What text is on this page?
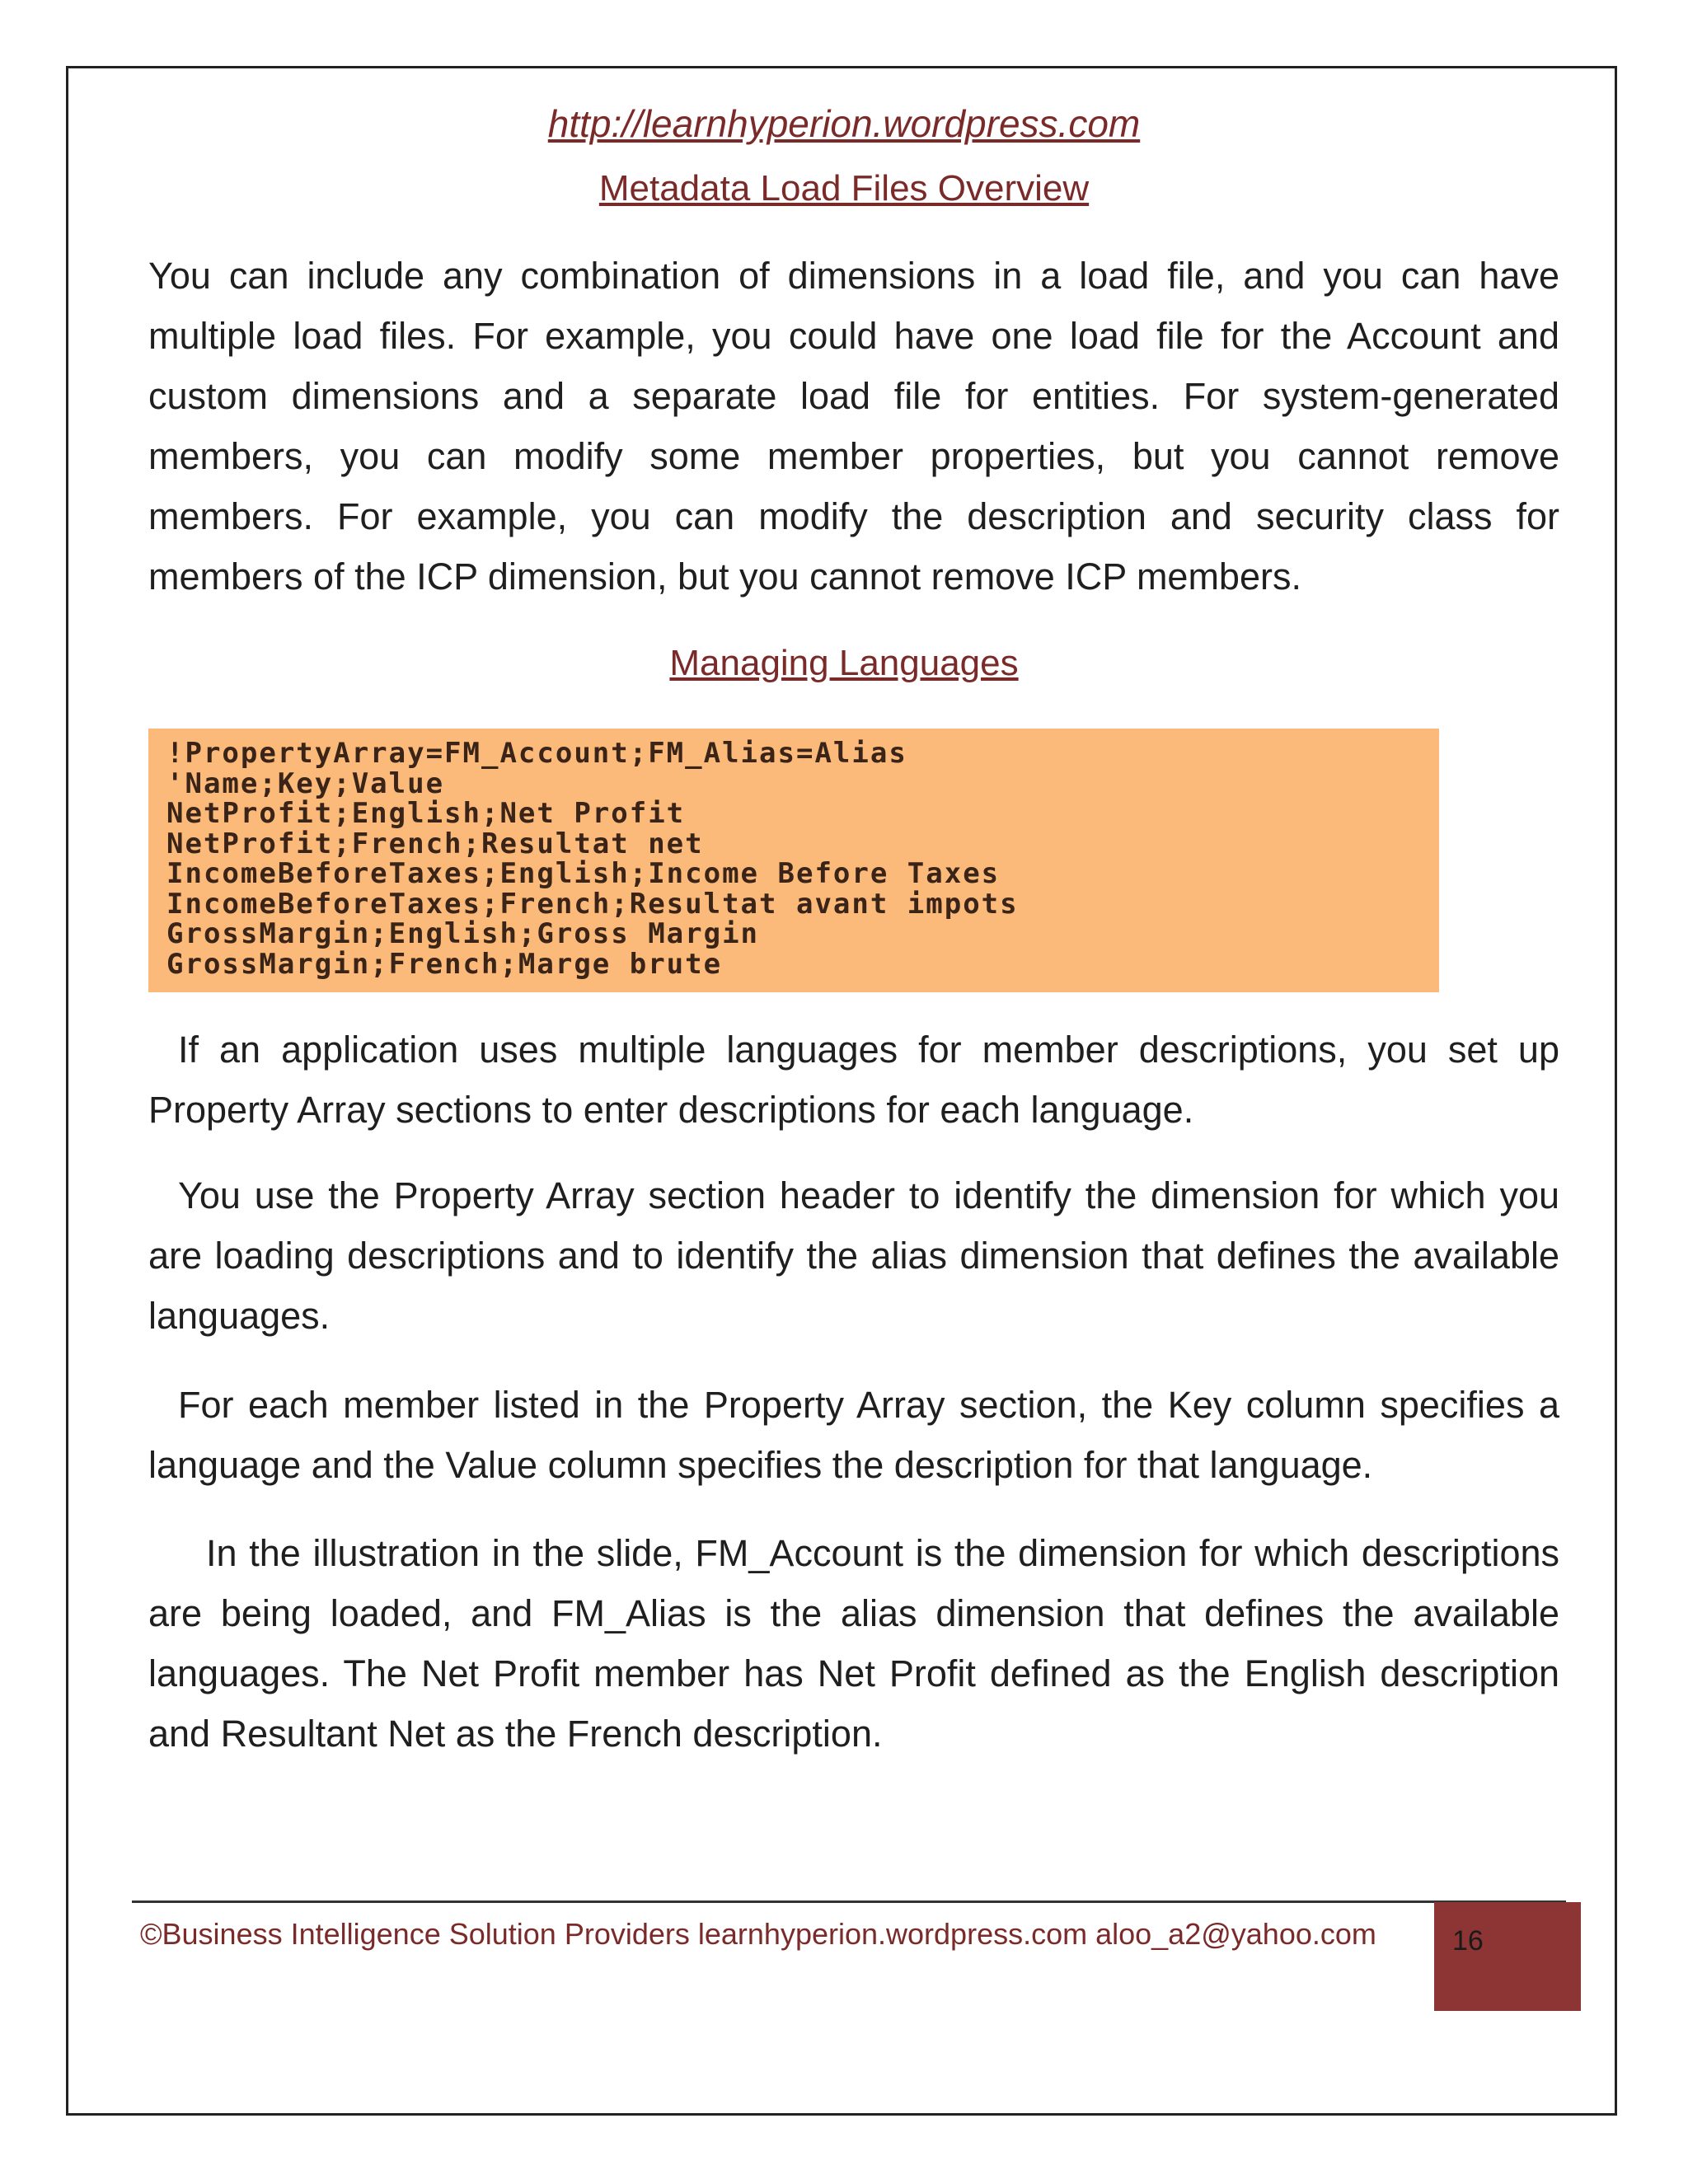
http://learnhyperion.wordpress.com
Metadata Load Files Overview

You can include any combination of dimensions in a load file, and you can have multiple load files. For example, you could have one load file for the Account and custom dimensions and a separate load file for entities. For system-generated members, you can modify some member properties, but you cannot remove members. For example, you can modify the description and security class for members of the ICP dimension, but you cannot remove ICP members.

Managing Languages
!PropertyArray=FM_Account;FM_Alias=Alias
'Name;Key;Value
NetProfit;English;Net Profit
NetProfit;French;Resultat net
IncomeBeforeTaxes;English;Income Before Taxes
IncomeBeforeTaxes;French;Resultat avant impots
GrossMargin;English;Gross Margin
GrossMargin;French;Marge brute

If an application uses multiple languages for member descriptions, you set up Property Array sections to enter descriptions for each language.

You use the Property Array section header to identify the dimension for which you are loading descriptions and to identify the alias dimension that defines the available languages.

For each member listed in the Property Array section, the Key column specifies a language and the Value column specifies the description for that language.

In the illustration in the slide, FM_Account is the dimension for which descriptions are being loaded, and FM_Alias is the alias dimension that defines the available languages. The Net Profit member has Net Profit defined as the English description and Resultant Net as the French description.

©Business Intelligence Solution Providers learnhyperion.wordpress.com aloo_a2@yahoo.com	16
